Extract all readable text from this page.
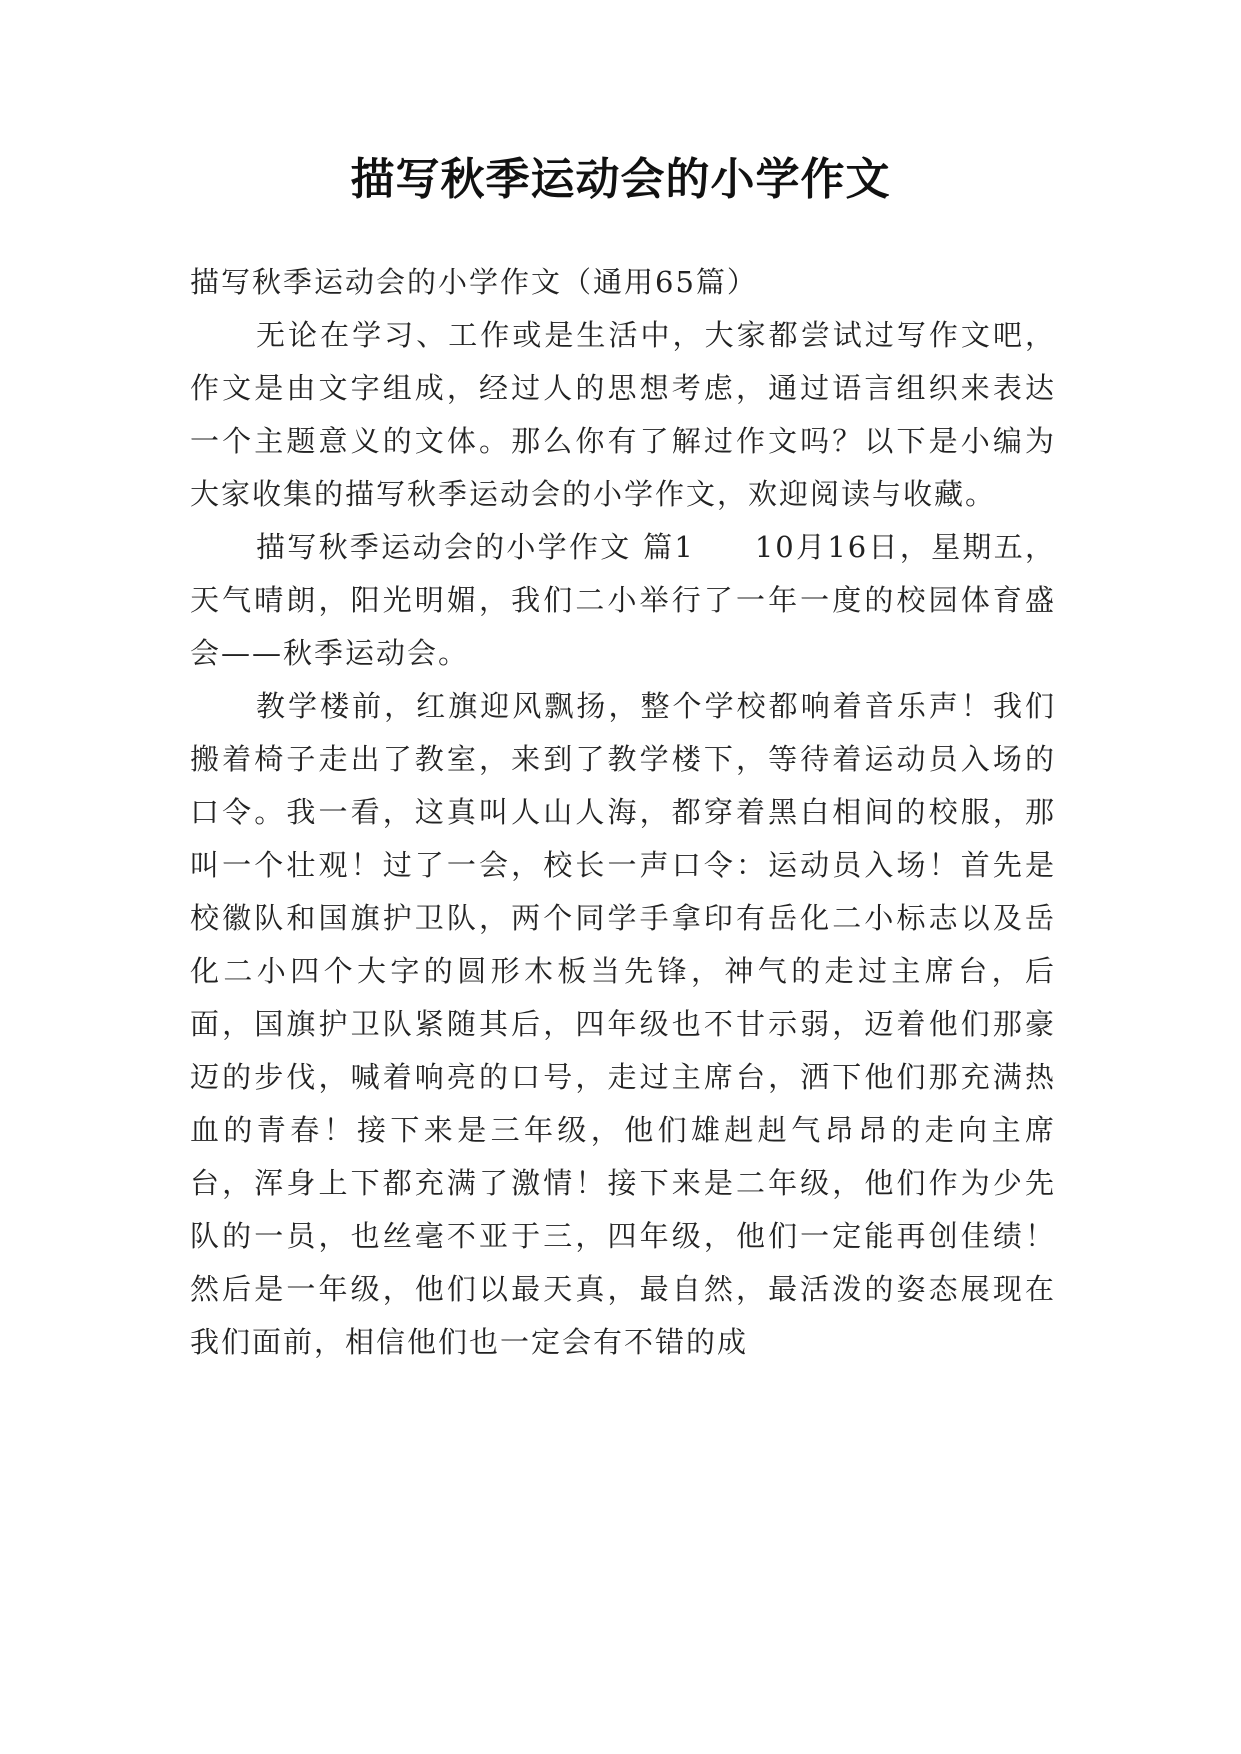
描写秋季运动会的小学作文

描写秋季运动会的小学作文（通用65篇）

无论在学习、工作或是生活中，大家都尝试过写作文吧，作文是由文字组成，经过人的思想考虑，通过语言组织来表达一个主题意义的文体。那么你有了解过作文吗？以下是小编为大家收集的描写秋季运动会的小学作文，欢迎阅读与收藏。

描写秋季运动会的小学作文 篇1 10月16日，星期五，天气晴朗，阳光明媚，我们二小举行了一年一度的校园体育盛会——秋季运动会。

教学楼前，红旗迎风飘扬，整个学校都响着音乐声！我们搬着椅子走出了教室，来到了教学楼下，等待着运动员入场的口令。我一看，这真叫人山人海，都穿着黑白相间的校服，那叫一个壮观！过了一会，校长一声口令：运动员入场！首先是校徽队和国旗护卫队，两个同学手拿印有岳化二小标志以及岳化二小四个大字的圆形木板当先锋，神气的走过主席台，后面，国旗护卫队紧随其后，四年级也不甘示弱，迈着他们那豪迈的步伐，喊着响亮的口号，走过主席台，洒下他们那充满热血的青春！接下来是三年级，他们雄赳赳气昂昂的走向主席台，浑身上下都充满了激情！接下来是二年级，他们作为少先队的一员，也丝毫不亚于三，四年级，他们一定能再创佳绩！然后是一年级，他们以最天真，最自然，最活泼的姿态展现在我们面前，相信他们也一定会有不错的成
